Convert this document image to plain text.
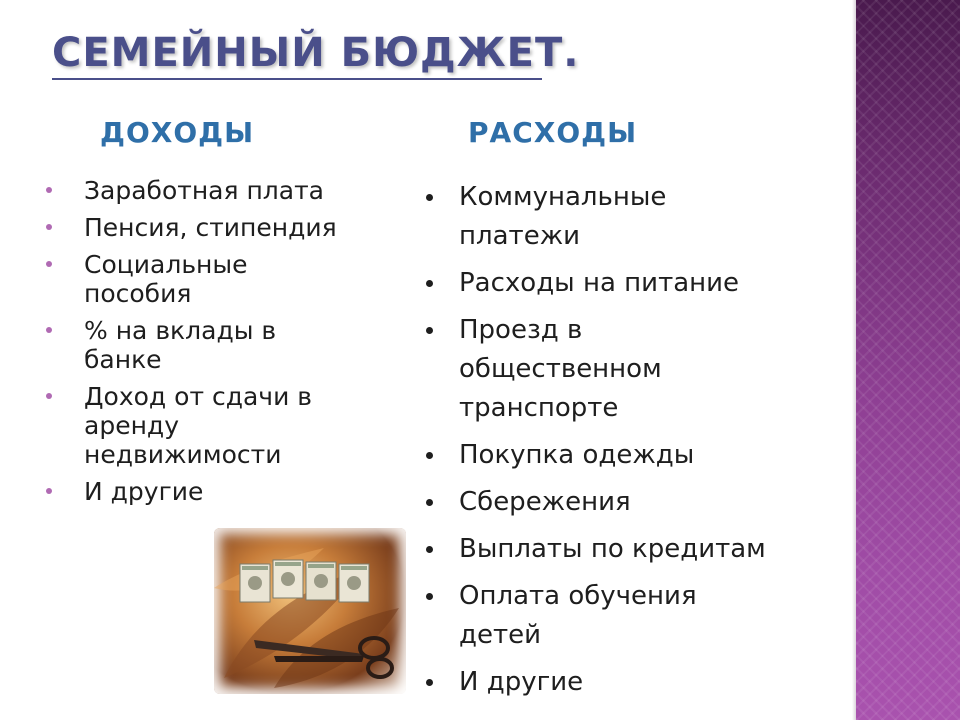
СЕМЕЙНЫЙ БЮДЖЕТ.
ДОХОДЫ	РАСХОДЫ
Заработная плата
Пенсия, стипендия
Социальные
пособия
% на вклады в
банке
Доход от сдачи в
аренду
недвижимости
И другие
Коммунальные
платежи
Расходы на питание
Проезд в
общественном
транспорте
Покупка одежды
Сбережения
Выплаты по кредитам
Оплата обучения
детей
И другие
